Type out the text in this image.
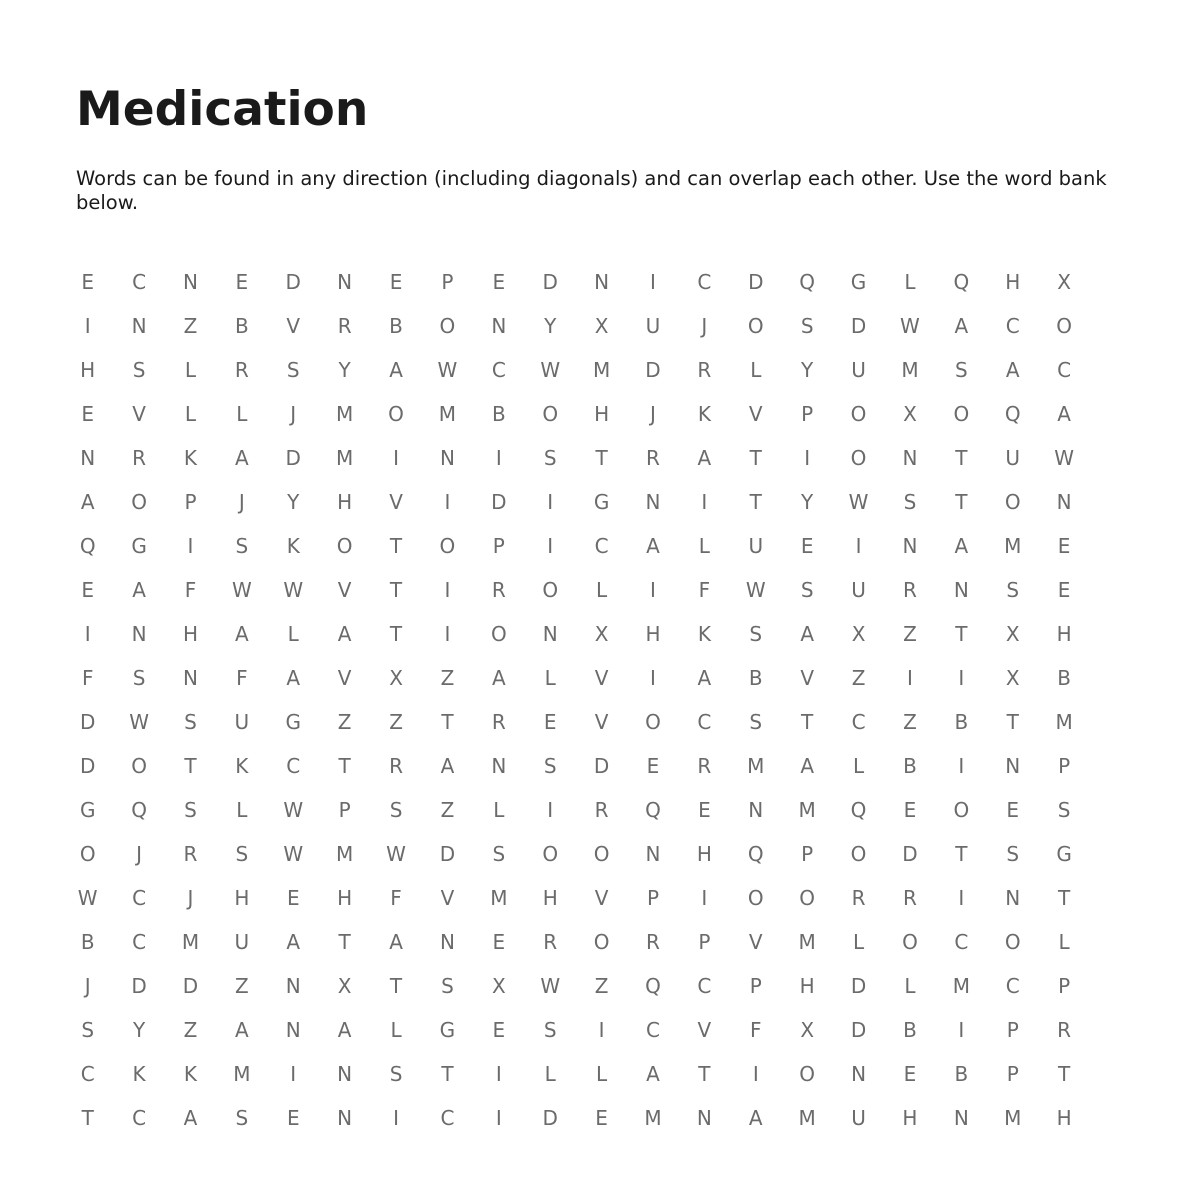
Medication

Words can be found in any direction (including diagonals) and can overlap each other. Use the word bank below.

E	C	N	E	D	N	E	P	E	D	N	I	C	D	Q	G	L	Q	H	X
I	N	Z	B	V	R	B	O	N	Y	X	U	J	O	S	D	W	A	C	O
H	S	L	R	S	Y	A	W	C	W	M	D	R	L	Y	U	M	S	A	C
E	V	L	L	J	M	O	M	B	O	H	J	K	V	P	O	X	O	Q	A
N	R	K	A	D	M	I	N	I	S	T	R	A	T	I	O	N	T	U	W
A	O	P	J	Y	H	V	I	D	I	G	N	I	T	Y	W	S	T	O	N
Q	G	I	S	K	O	T	O	P	I	C	A	L	U	E	I	N	A	M	E
E	A	F	W	W	V	T	I	R	O	L	I	F	W	S	U	R	N	S	E
I	N	H	A	L	A	T	I	O	N	X	H	K	S	A	X	Z	T	X	H
F	S	N	F	A	V	X	Z	A	L	V	I	A	B	V	Z	I	I	X	B
D	W	S	U	G	Z	Z	T	R	E	V	O	C	S	T	C	Z	B	T	M
D	O	T	K	C	T	R	A	N	S	D	E	R	M	A	L	B	I	N	P
G	Q	S	L	W	P	S	Z	L	I	R	Q	E	N	M	Q	E	O	E	S
O	J	R	S	W	M	W	D	S	O	O	N	H	Q	P	O	D	T	S	G
W	C	J	H	E	H	F	V	M	H	V	P	I	O	O	R	R	I	N	T
B	C	M	U	A	T	A	N	E	R	O	R	P	V	M	L	O	C	O	L
J	D	D	Z	N	X	T	S	X	W	Z	Q	C	P	H	D	L	M	C	P
S	Y	Z	A	N	A	L	G	E	S	I	C	V	F	X	D	B	I	P	R
C	K	K	M	I	N	S	T	I	L	L	A	T	I	O	N	E	B	P	T
T	C	A	S	E	N	I	C	I	D	E	M	N	A	M	U	H	N	M	H
